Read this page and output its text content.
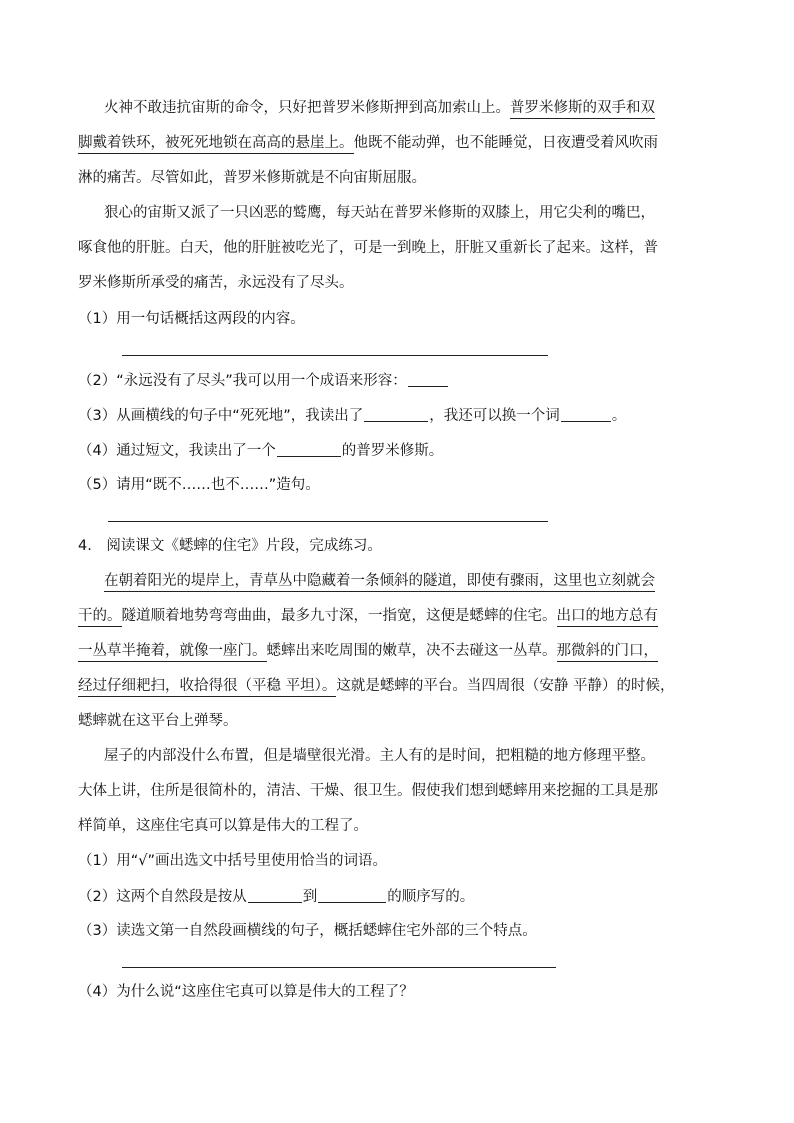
火神不敢违抗宙斯的命令，只好把普罗米修斯押到高加索山上。普罗米修斯的双手和双
脚戴着铁环，被死死地锁在高高的悬崖上。他既不能动弹，也不能睡觉，日夜遭受着风吹雨
淋的痛苦。尽管如此，普罗米修斯就是不向宙斯屈服。
狠心的宙斯又派了一只凶恶的鹫鹰，每天站在普罗米修斯的双膝上，用它尖利的嘴巴，
啄食他的肝脏。白天，他的肝脏被吃光了，可是一到晚上，肝脏又重新长了起来。这样，普
罗米修斯所承受的痛苦，永远没有了尽头。
（1）用一句话概括这两段的内容。
（2）“永远没有了尽头”我可以用一个成语来形容：
（3）从画横线的句子中“死死地”，我读出了	，我还可以换一个词	。
（4）通过短文，我读出了一个	的普罗米修斯。
（5）请用“既不……也不……”造句。
4.　阅读课文《蟋蟀的住宅》片段，完成练习。
在朝着阳光的堤岸上，青草丛中隐藏着一条倾斜的隧道，即使有骤雨，这里也立刻就会
干的。隧道顺着地势弯弯曲曲，最多九寸深，一指宽，这便是蟋蟀的住宅。出口的地方总有
一丛草半掩着，就像一座门。蟋蟀出来吃周围的嫩草，决不去碰这一丛草。那微斜的门口，
经过仔细耙扫，收拾得很（平稳 平坦）。这就是蟋蟀的平台。当四周很（安静 平静）的时候，
蟋蟀就在这平台上弹琴。
屋子的内部没什么布置，但是墙壁很光滑。主人有的是时间，把粗糙的地方修理平整。
大体上讲，住所是很简朴的，清洁、干燥、很卫生。假使我们想到蟋蟀用来挖掘的工具是那
样简单，这座住宅真可以算是伟大的工程了。
（1）用“√”画出选文中括号里使用恰当的词语。
（2）这两个自然段是按从	到	的顺序写的。
（3）读选文第一自然段画横线的句子，概括蟋蟀住宅外部的三个特点。
（4）为什么说“这座住宅真可以算是伟大的工程了？
